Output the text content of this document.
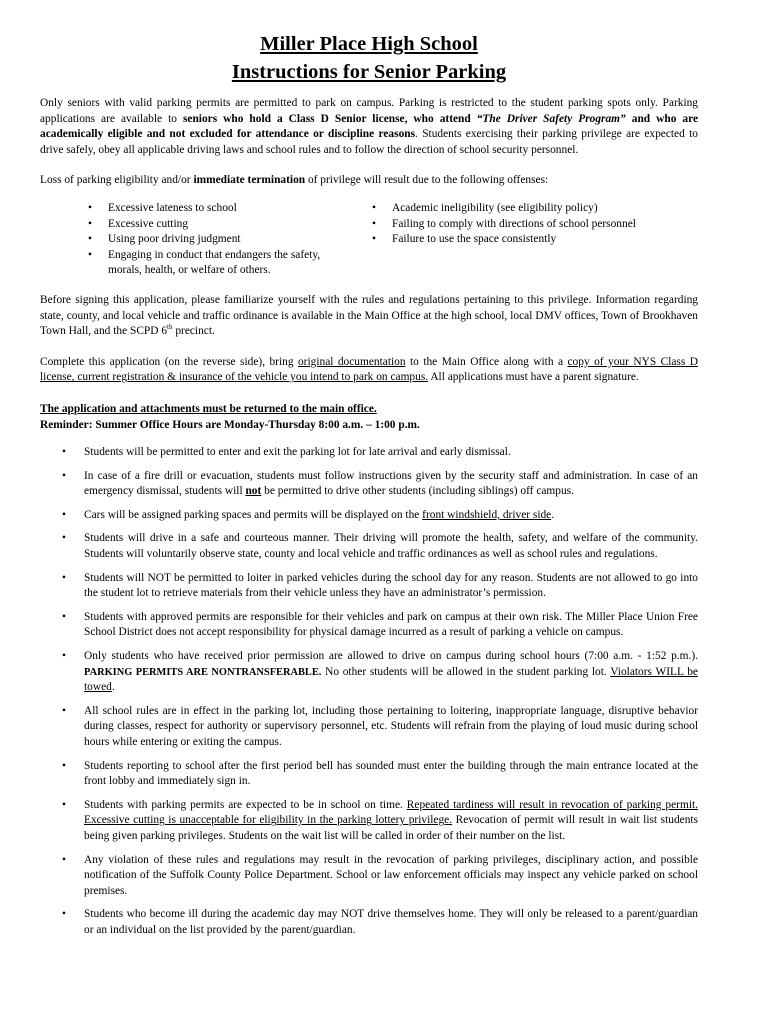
Miller Place High School
Instructions for Senior Parking

Only seniors with valid parking permits are permitted to park on campus. Parking is restricted to the student parking spots only. Parking applications are available to seniors who hold a Class D Senior license, who attend “The Driver Safety Program” and who are academically eligible and not excluded for attendance or discipline reasons. Students exercising their parking privilege are expected to drive safely, obey all applicable driving laws and school rules and to follow the direction of school security personnel.

Loss of parking eligibility and/or immediate termination of privilege will result due to the following offenses:

• Excessive lateness to school
• Excessive cutting
• Using poor driving judgment
• Engaging in conduct that endangers the safety, morals, health, or welfare of others.
• Academic ineligibility (see eligibility policy)
• Failing to comply with directions of school personnel
• Failure to use the space consistently

Before signing this application, please familiarize yourself with the rules and regulations pertaining to this privilege. Information regarding state, county, and local vehicle and traffic ordinance is available in the Main Office at the high school, local DMV offices, Town of Brookhaven Town Hall, and the SCPD 6th precinct.

Complete this application (on the reverse side), bring original documentation to the Main Office along with a copy of your NYS Class D license, current registration & insurance of the vehicle you intend to park on campus. All applications must have a parent signature.

The application and attachments must be returned to the main office.
Reminder: Summer Office Hours are Monday-Thursday 8:00 a.m. – 1:00 p.m.
• Students will be permitted to enter and exit the parking lot for late arrival and early dismissal.
• In case of a fire drill or evacuation, students must follow instructions given by the security staff and administration. In case of an emergency dismissal, students will not be permitted to drive other students (including siblings) off campus.
• Cars will be assigned parking spaces and permits will be displayed on the front windshield, driver side.
• Students will drive in a safe and courteous manner. Their driving will promote the health, safety, and welfare of the community. Students will voluntarily observe state, county and local vehicle and traffic ordinances as well as school rules and regulations.
• Students will NOT be permitted to loiter in parked vehicles during the school day for any reason. Students are not allowed to go into the student lot to retrieve materials from their vehicle unless they have an administrator’s permission.
• Students with approved permits are responsible for their vehicles and park on campus at their own risk. The Miller Place Union Free School District does not accept responsibility for physical damage incurred as a result of parking a vehicle on campus.
• Only students who have received prior permission are allowed to drive on campus during school hours (7:00 a.m. - 1:52 p.m.). PARKING PERMITS ARE NONTRANSFERABLE. No other students will be allowed in the student parking lot. Violators WILL be towed.
• All school rules are in effect in the parking lot, including those pertaining to loitering, inappropriate language, disruptive behavior during classes, respect for authority or supervisory personnel, etc. Students will refrain from the playing of loud music during school hours while entering or exiting the campus.
• Students reporting to school after the first period bell has sounded must enter the building through the main entrance located at the front lobby and immediately sign in.
• Students with parking permits are expected to be in school on time. Repeated tardiness will result in revocation of parking permit. Excessive cutting is unacceptable for eligibility in the parking lottery privilege. Revocation of permit will result in wait list students being given parking privileges. Students on the wait list will be called in order of their number on the list.
• Any violation of these rules and regulations may result in the revocation of parking privileges, disciplinary action, and possible notification of the Suffolk County Police Department. School or law enforcement officials may inspect any vehicle parked on school premises.
• Students who become ill during the academic day may NOT drive themselves home. They will only be released to a parent/guardian or an individual on the list provided by the parent/guardian.
